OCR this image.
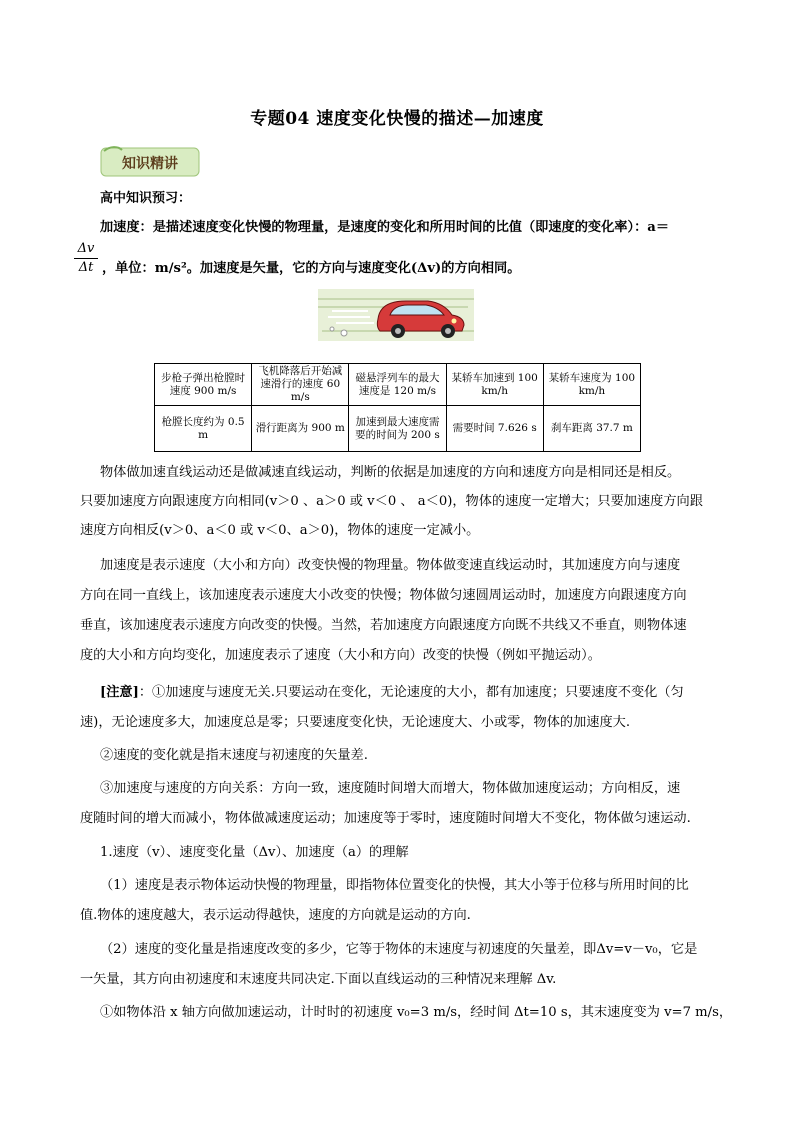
专题04 速度变化快慢的描述—加速度
知识精讲
高中知识预习：
加速度：是描述速度变化快慢的物理量，是速度的变化和所用时间的比值（即速度的变化率）：a＝
Δv
Δt ，单位：m/s²。加速度是矢量，它的方向与速度变化(Δv)的方向相同。
步枪子弹出枪膛时速度 900 m/s	飞机降落后开始减速滑行的速度 60 m/s	磁悬浮列车的最大速度是 120 m/s	某轿车加速到 100 km/h	某轿车速度为 100 km/h
枪膛长度约为 0.5 m	滑行距离为 900 m	加速到最大速度需要的时间为 200 s	需要时间 7.626 s	刹车距离 37.7 m
物体做加速直线运动还是做减速直线运动，判断的依据是加速度的方向和速度方向是相同还是相反。
只要加速度方向跟速度方向相同(v＞0 、a＞0 或 v＜0 、 a＜0)，物体的速度一定增大；只要加速度方向跟
速度方向相反(v＞0、a＜0 或 v＜0、a＞0)，物体的速度一定减小。
加速度是表示速度（大小和方向）改变快慢的物理量。物体做变速直线运动时，其加速度方向与速度
方向在同一直线上，该加速度表示速度大小改变的快慢；物体做匀速圆周运动时，加速度方向跟速度方向
垂直，该加速度表示速度方向改变的快慢。当然，若加速度方向跟速度方向既不共线又不垂直，则物体速
度的大小和方向均变化，加速度表示了速度（大小和方向）改变的快慢（例如平抛运动）。
[注意]：①加速度与速度无关.只要运动在变化，无论速度的大小，都有加速度；只要速度不变化（匀
速)，无论速度多大，加速度总是零；只要速度变化快，无论速度大、小或零，物体的加速度大.
②速度的变化就是指末速度与初速度的矢量差.
③加速度与速度的方向关系：方向一致，速度随时间增大而增大，物体做加速度运动；方向相反，速
度随时间的增大而减小，物体做减速度运动；加速度等于零时，速度随时间增大不变化，物体做匀速运动.
1.速度（v）、速度变化量（Δv）、加速度（a）的理解
（1）速度是表示物体运动快慢的物理量，即指物体位置变化的快慢，其大小等于位移与所用时间的比
值.物体的速度越大，表示运动得越快，速度的方向就是运动的方向.
（2）速度的变化量是指速度改变的多少，它等于物体的末速度与初速度的矢量差，即Δv=v－v₀，它是
一矢量，其方向由初速度和末速度共同决定.下面以直线运动的三种情况来理解 Δv.
①如物体沿 x 轴方向做加速运动，计时时的初速度 v₀=3 m/s，经时间 Δt=10 s，其末速度变为 v=7 m/s，
